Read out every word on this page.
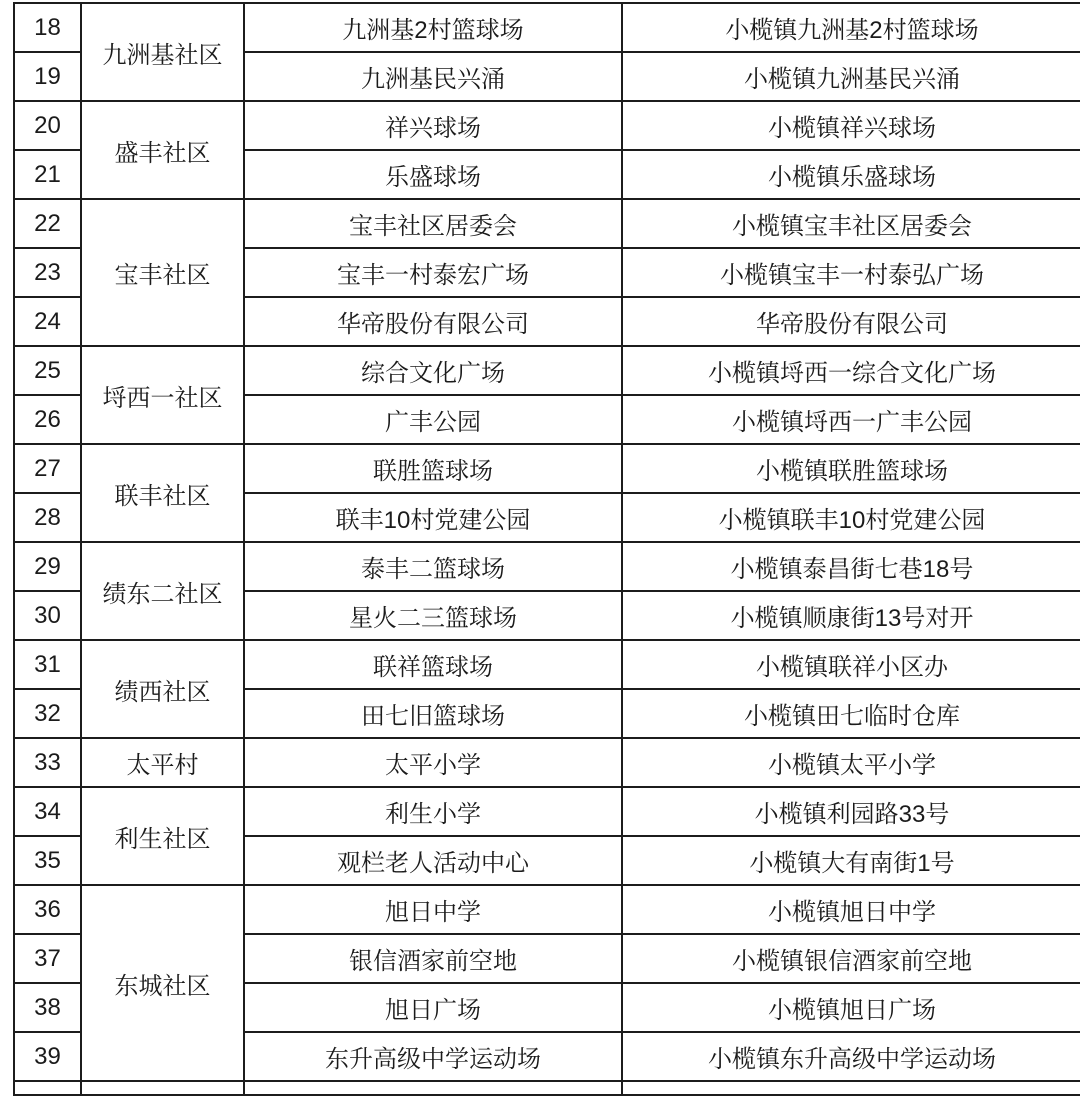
18	九洲基社区	九洲基2村篮球场	小榄镇九洲基2村篮球场
19		九洲基民兴涌	小榄镇九洲基民兴涌
20	盛丰社区	祥兴球场	小榄镇祥兴球场
21		乐盛球场	小榄镇乐盛球场
22	宝丰社区	宝丰社区居委会	小榄镇宝丰社区居委会
23		宝丰一村泰宏广场	小榄镇宝丰一村泰弘广场
24		华帝股份有限公司	华帝股份有限公司
25	埒西一社区	综合文化广场	小榄镇埒西一综合文化广场
26		广丰公园	小榄镇埒西一广丰公园
27	联丰社区	联胜篮球场	小榄镇联胜篮球场
28		联丰10村党建公园	小榄镇联丰10村党建公园
29	绩东二社区	泰丰二篮球场	小榄镇泰昌街七巷18号
30		星火二三篮球场	小榄镇顺康街13号对开
31	绩西社区	联祥篮球场	小榄镇联祥小区办
32		田七旧篮球场	小榄镇田七临时仓库
33	太平村	太平小学	小榄镇太平小学
34	利生社区	利生小学	小榄镇利园路33号
35		观栏老人活动中心	小榄镇大有南街1号
36	东城社区	旭日中学	小榄镇旭日中学
37		银信酒家前空地	小榄镇银信酒家前空地
38		旭日广场	小榄镇旭日广场
39		东升高级中学运动场	小榄镇东升高级中学运动场
